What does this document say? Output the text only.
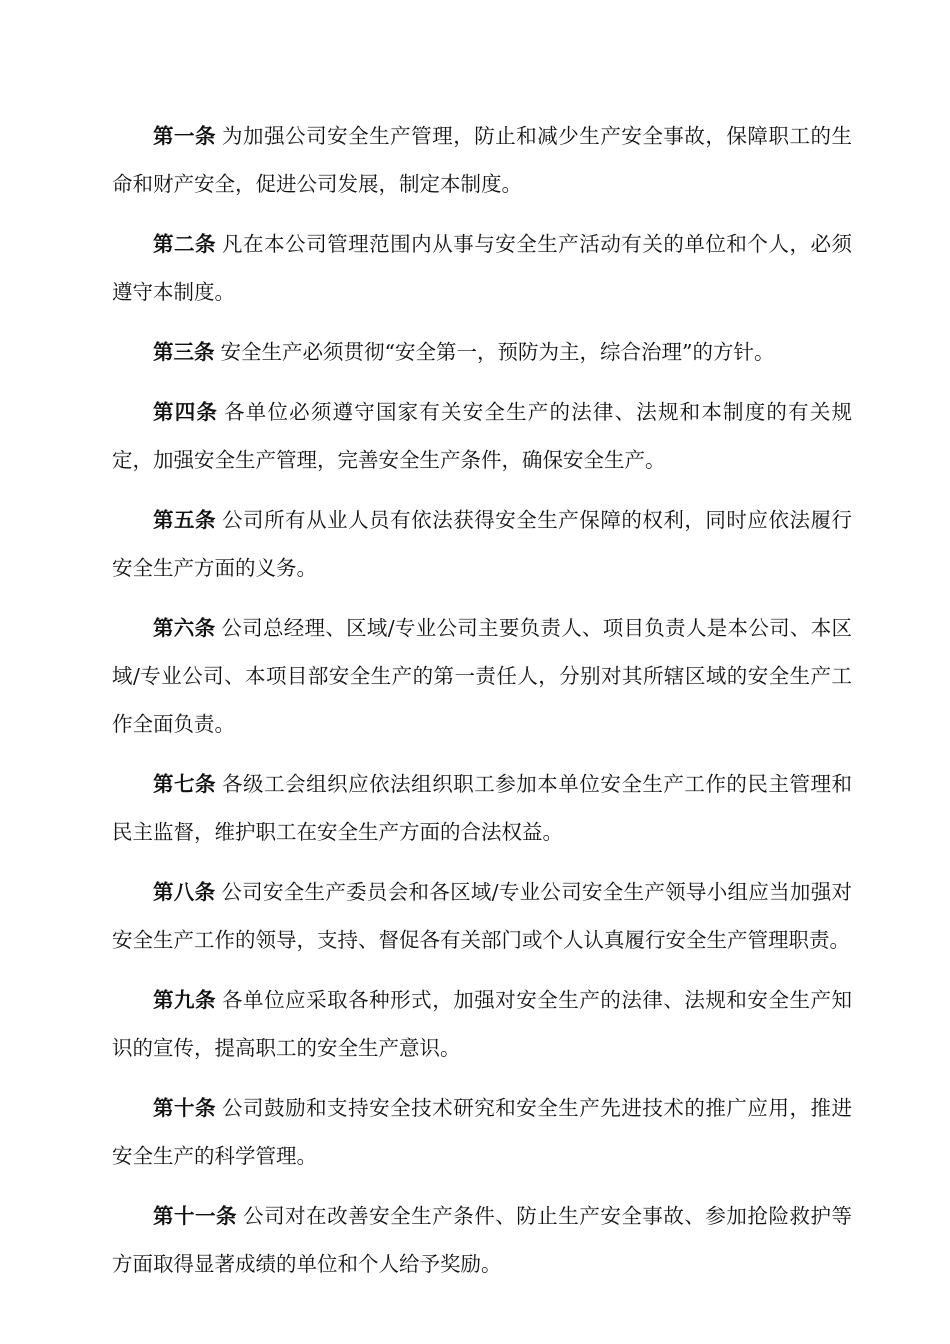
第一条 为加强公司安全生产管理，防止和减少生产安全事故，保障职工的生命和财产安全，促进公司发展，制定本制度。

第二条 凡在本公司管理范围内从事与安全生产活动有关的单位和个人，必须遵守本制度。

第三条 安全生产必须贯彻“安全第一，预防为主，综合治理”的方针。

第四条 各单位必须遵守国家有关安全生产的法律、法规和本制度的有关规定，加强安全生产管理，完善安全生产条件，确保安全生产。

第五条 公司所有从业人员有依法获得安全生产保障的权利，同时应依法履行安全生产方面的义务。

第六条 公司总经理、区域/专业公司主要负责人、项目负责人是本公司、本区域/专业公司、本项目部安全生产的第一责任人，分别对其所辖区域的安全生产工作全面负责。

第七条 各级工会组织应依法组织职工参加本单位安全生产工作的民主管理和民主监督，维护职工在安全生产方面的合法权益。

第八条 公司安全生产委员会和各区域/专业公司安全生产领导小组应当加强对安全生产工作的领导，支持、督促各有关部门或个人认真履行安全生产管理职责。

第九条 各单位应采取各种形式，加强对安全生产的法律、法规和安全生产知识的宣传，提高职工的安全生产意识。

第十条 公司鼓励和支持安全技术研究和安全生产先进技术的推广应用，推进安全生产的科学管理。

第十一条 公司对在改善安全生产条件、防止生产安全事故、参加抢险救护等方面取得显著成绩的单位和个人给予奖励。
